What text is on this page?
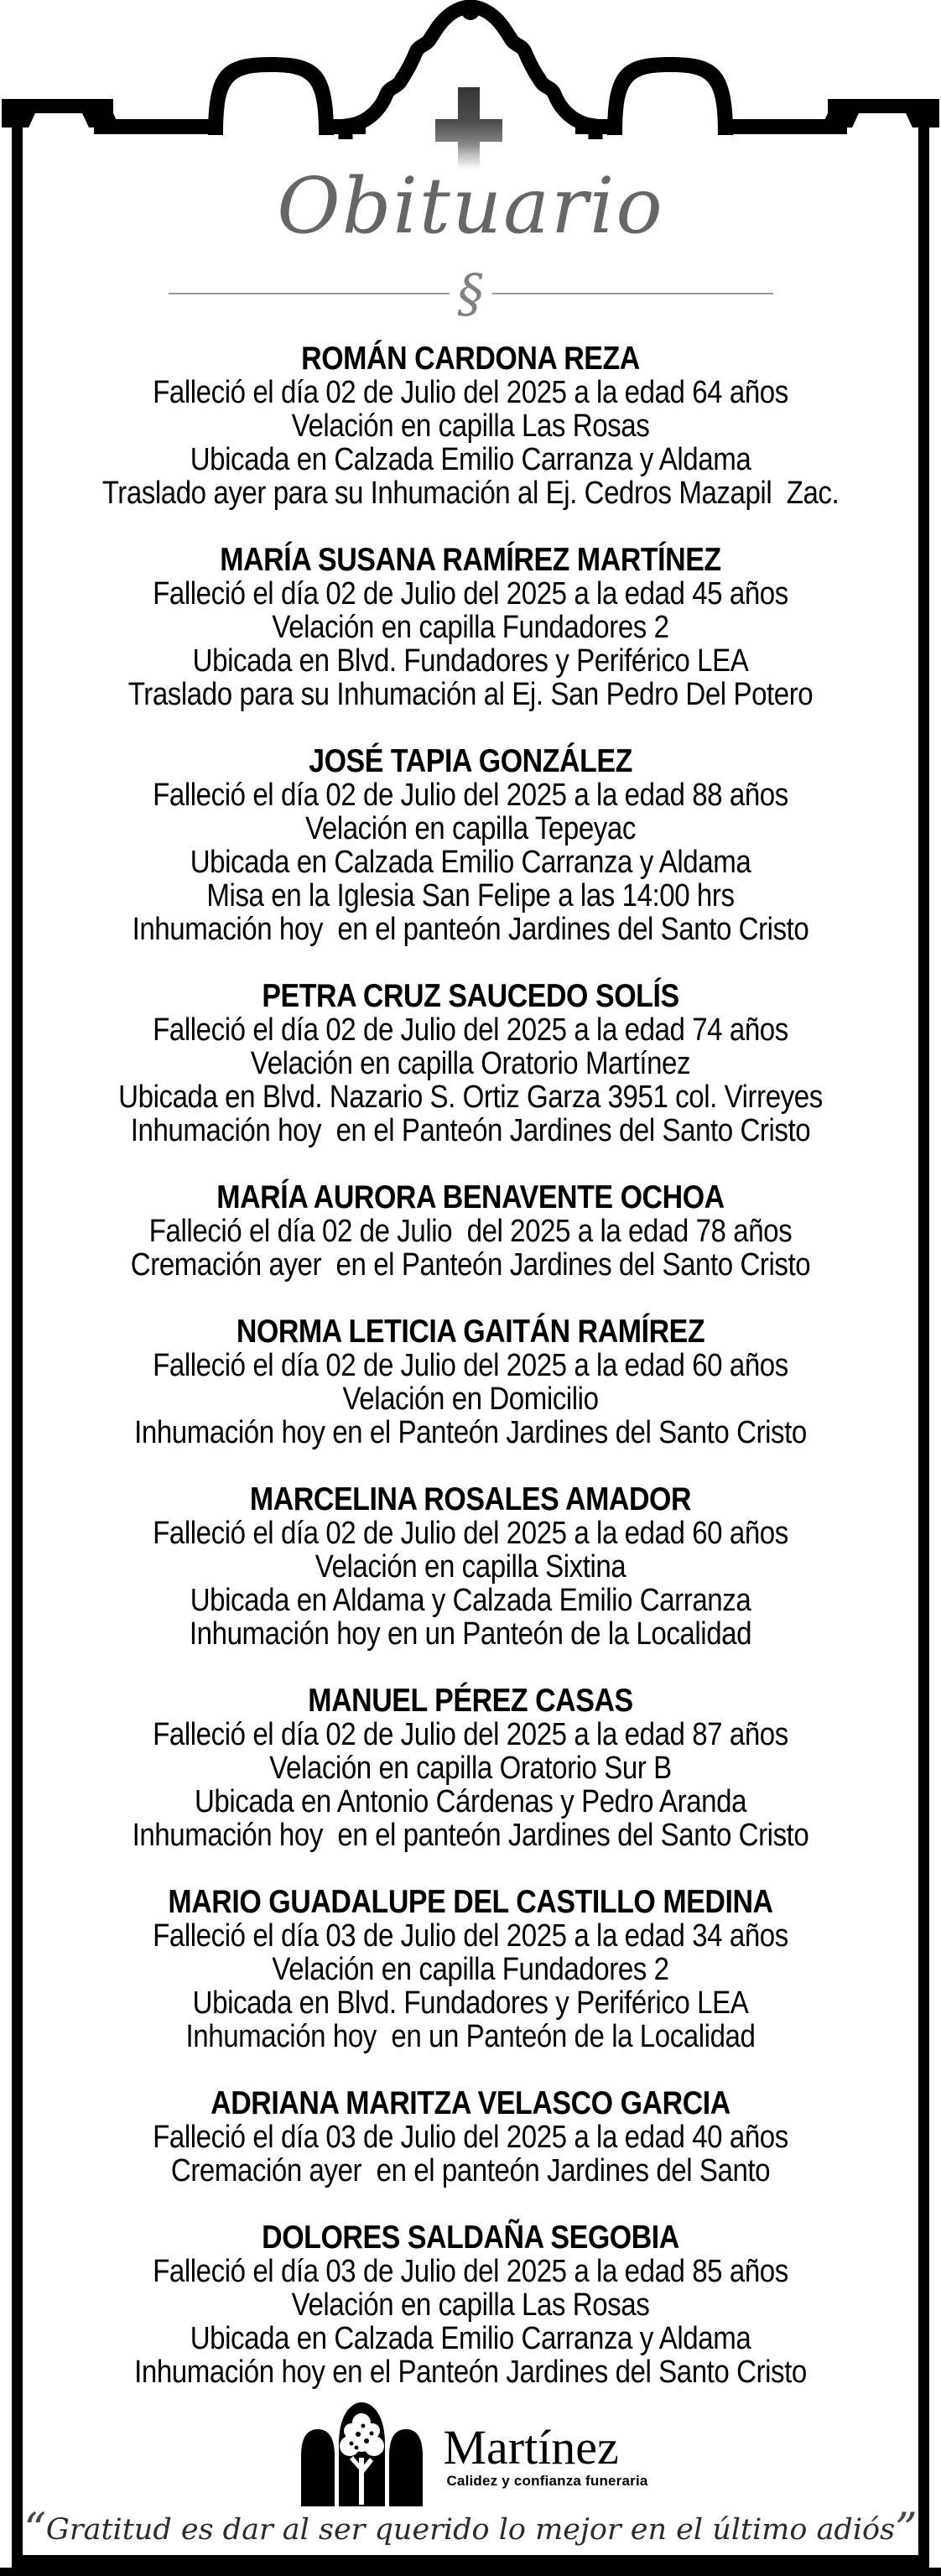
Obituario
§
ROMÁN CARDONA REZA

Falleció el día 02 de Julio del 2025 a la edad 64 años

Velación en capilla Las Rosas

Ubicada en Calzada Emilio Carranza y Aldama

Traslado ayer para su Inhumación al Ej. Cedros Mazapil  Zac.

MARÍA SUSANA RAMÍREZ MARTÍNEZ

Falleció el día 02 de Julio del 2025 a la edad 45 años

Velación en capilla Fundadores 2

Ubicada en Blvd. Fundadores y Periférico LEA

Traslado para su Inhumación al Ej. San Pedro Del Potero

JOSÉ TAPIA GONZÁLEZ

Falleció el día 02 de Julio del 2025 a la edad 88 años

Velación en capilla Tepeyac

Ubicada en Calzada Emilio Carranza y Aldama

Misa en la Iglesia San Felipe a las 14:00 hrs

Inhumación hoy  en el panteón Jardines del Santo Cristo

PETRA CRUZ SAUCEDO SOLÍS

Falleció el día 02 de Julio del 2025 a la edad 74 años

Velación en capilla Oratorio Martínez

Ubicada en Blvd. Nazario S. Ortiz Garza 3951 col. Virreyes

Inhumación hoy  en el Panteón Jardines del Santo Cristo

MARÍA AURORA BENAVENTE OCHOA

Falleció el día 02 de Julio  del 2025 a la edad 78 años

Cremación ayer  en el Panteón Jardines del Santo Cristo

NORMA LETICIA GAITÁN RAMÍREZ

Falleció el día 02 de Julio del 2025 a la edad 60 años

Velación en Domicilio

Inhumación hoy en el Panteón Jardines del Santo Cristo

MARCELINA ROSALES AMADOR

Falleció el día 02 de Julio del 2025 a la edad 60 años

Velación en capilla Sixtina

Ubicada en Aldama y Calzada Emilio Carranza

Inhumación hoy en un Panteón de la Localidad

MANUEL PÉREZ CASAS

Falleció el día 02 de Julio del 2025 a la edad 87 años

Velación en capilla Oratorio Sur B

Ubicada en Antonio Cárdenas y Pedro Aranda

Inhumación hoy  en el panteón Jardines del Santo Cristo

MARIO GUADALUPE DEL CASTILLO MEDINA

Falleció el día 03 de Julio del 2025 a la edad 34 años

Velación en capilla Fundadores 2

Ubicada en Blvd. Fundadores y Periférico LEA

Inhumación hoy  en un Panteón de la Localidad

ADRIANA MARITZA VELASCO GARCIA

Falleció el día 03 de Julio del 2025 a la edad 40 años

Cremación ayer  en el panteón Jardines del Santo

DOLORES SALDAÑA SEGOBIA

Falleció el día 03 de Julio del 2025 a la edad 85 años

Velación en capilla Las Rosas

Ubicada en Calzada Emilio Carranza y Aldama

Inhumación hoy en el Panteón Jardines del Santo Cristo

Martínez

Calidez y confianza funeraria

“Gratitud es dar al ser querido lo mejor en el último adiós”
